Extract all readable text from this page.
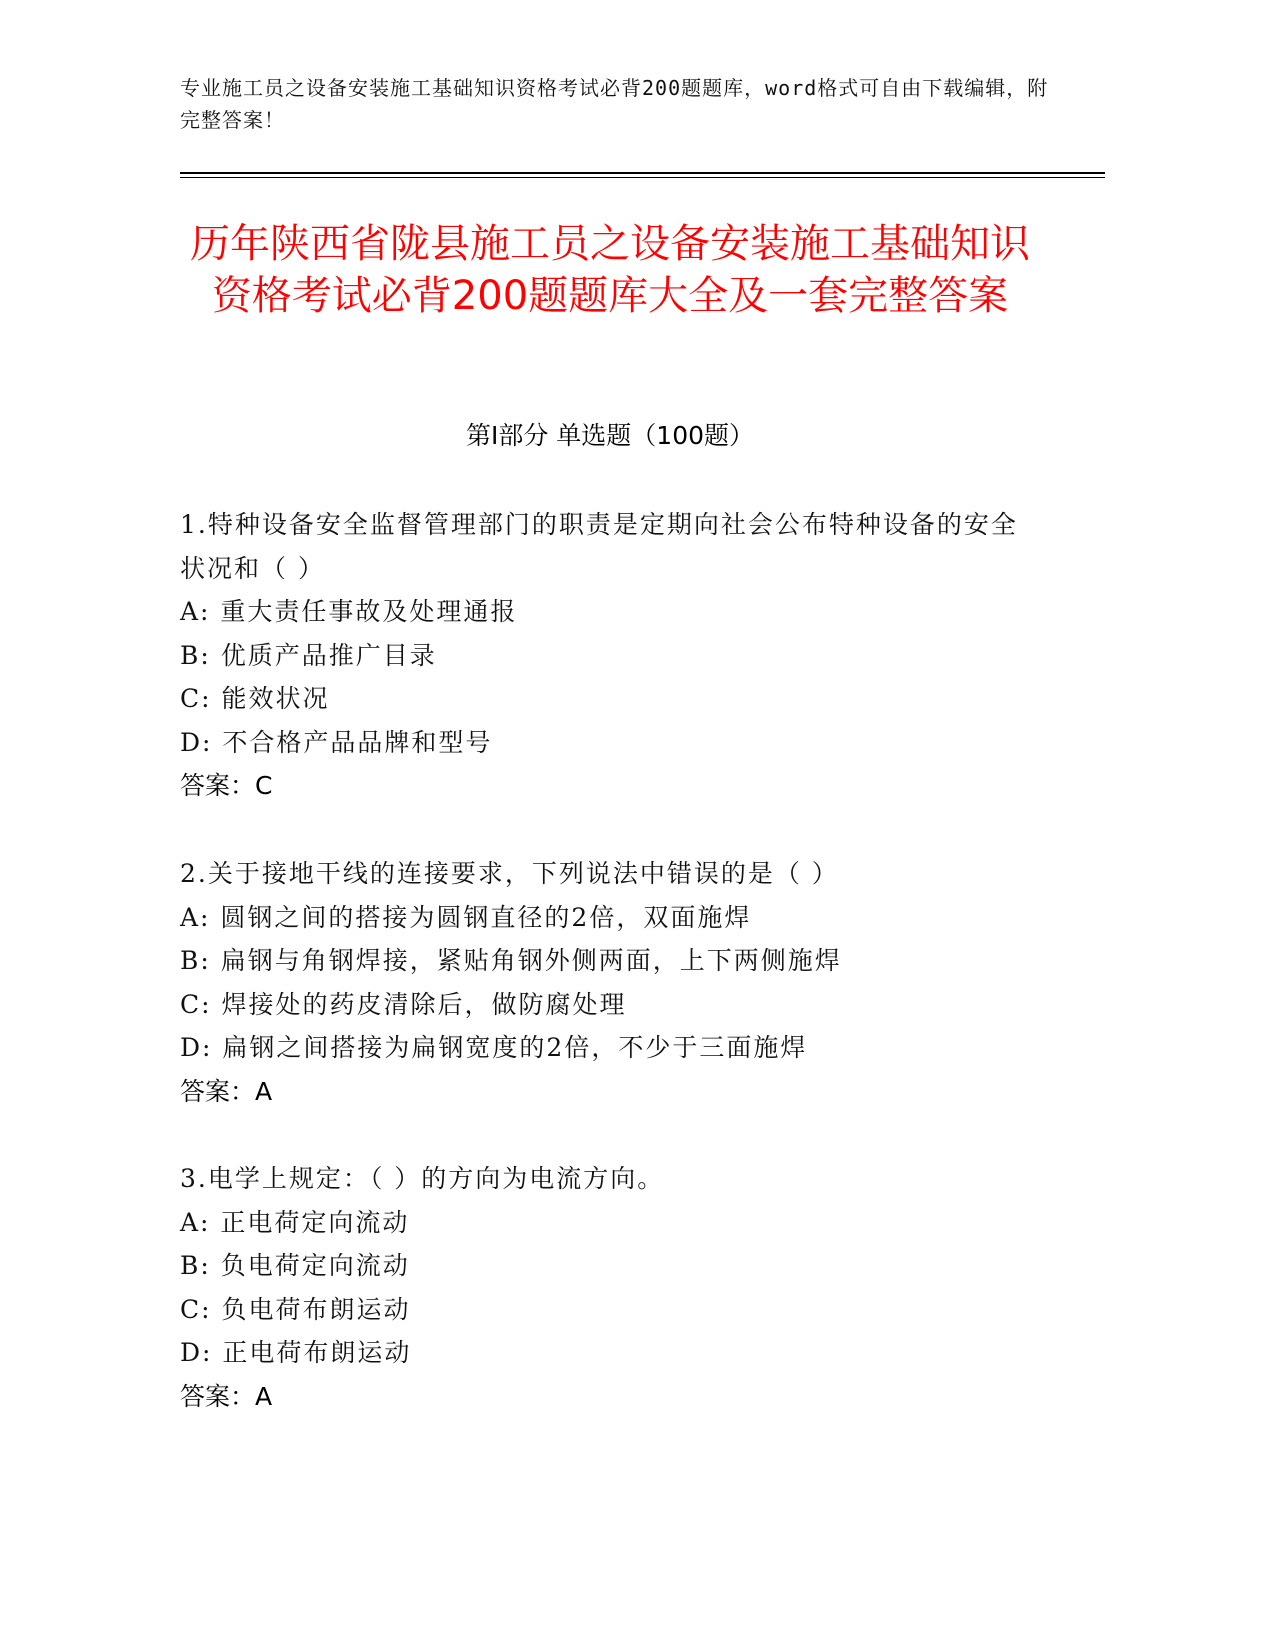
专业施工员之设备安装施工基础知识资格考试必背200题题库，word格式可自由下载编辑，附完整答案！
历年陕西省陇县施工员之设备安装施工基础知识资格考试必背200题题库大全及一套完整答案
第I部分 单选题（100题）
1.特种设备安全监督管理部门的职责是定期向社会公布特种设备的安全状况和（ ）
A: 重大责任事故及处理通报
B: 优质产品推广目录
C: 能效状况
D: 不合格产品品牌和型号
答案：C
2.关于接地干线的连接要求，下列说法中错误的是（ ）
A: 圆钢之间的搭接为圆钢直径的2倍，双面施焊
B: 扁钢与角钢焊接，紧贴角钢外侧两面，上下两侧施焊
C: 焊接处的药皮清除后，做防腐处理
D: 扁钢之间搭接为扁钢宽度的2倍，不少于三面施焊
答案：A
3.电学上规定：（ ）的方向为电流方向。
A: 正电荷定向流动
B: 负电荷定向流动
C: 负电荷布朗运动
D: 正电荷布朗运动
答案：A
